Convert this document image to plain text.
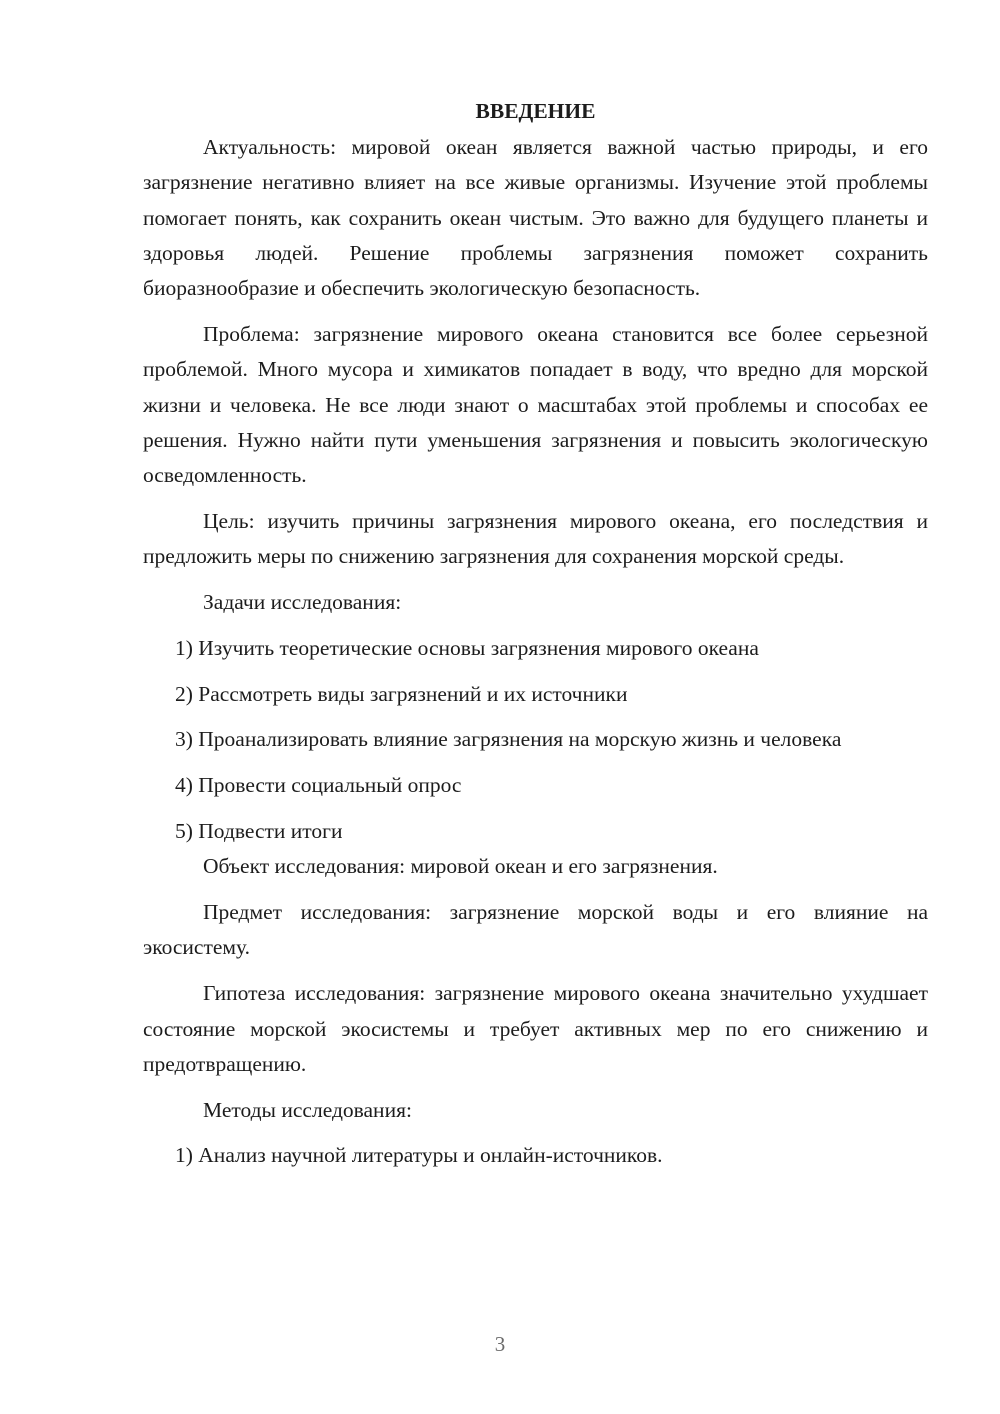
ВВЕДЕНИЕ

Актуальность: мировой океан является важной частью природы, и его загрязнение негативно влияет на все живые организмы. Изучение этой проблемы помогает понять, как сохранить океан чистым. Это важно для будущего планеты и здоровья людей. Решение проблемы загрязнения поможет сохранить биоразнообразие и обеспечить экологическую безопасность.

Проблема: загрязнение мирового океана становится все более серьезной проблемой. Много мусора и химикатов попадает в воду, что вредно для морской жизни и человека. Не все люди знают о масштабах этой проблемы и способах ее решения. Нужно найти пути уменьшения загрязнения и повысить экологическую осведомленность.

Цель: изучить причины загрязнения мирового океана, его последствия и предложить меры по снижению загрязнения для сохранения морской среды.

Задачи исследования:

1) Изучить теоретические основы загрязнения мирового океана

2) Рассмотреть виды загрязнений и их источники

3) Проанализировать влияние загрязнения на морскую жизнь и человека

4) Провести социальный опрос

5) Подвести итоги

Объект исследования: мировой океан и его загрязнения.

Предмет исследования: загрязнение морской воды и его влияние на экосистему.

Гипотеза исследования: загрязнение мирового океана значительно ухудшает состояние морской экосистемы и требует активных мер по его снижению и предотвращению.

Методы исследования:

1) Анализ научной литературы и онлайн-источников.

3
